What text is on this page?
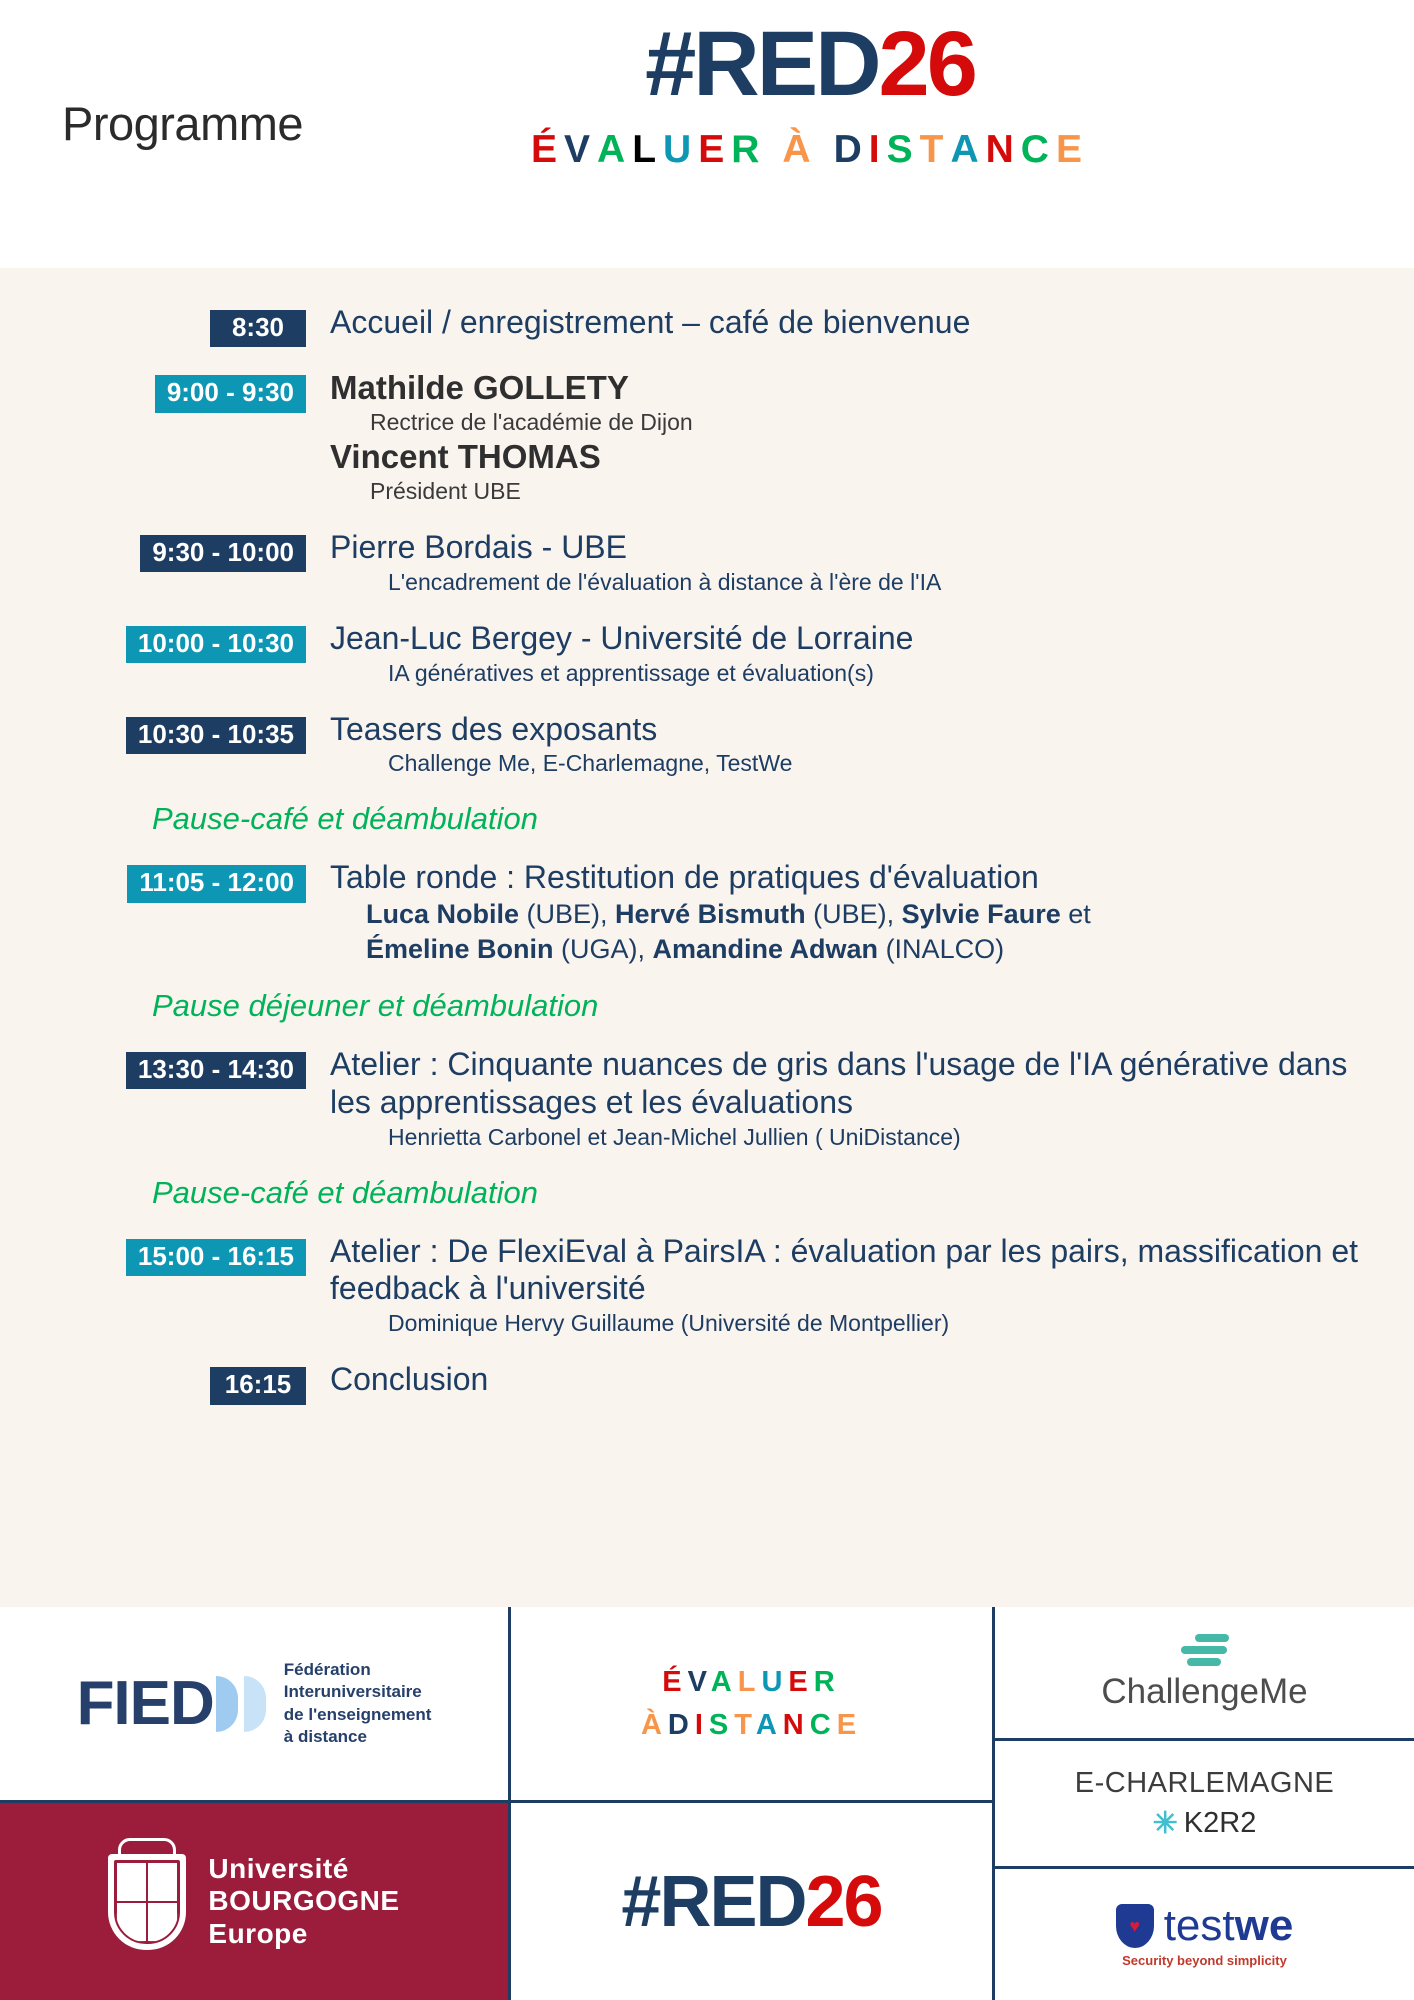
Programme
#RED26
ÉVALUER À DISTANCE
8:30	Accueil / enregistrement – café de bienvenue
9:00 - 9:30	Mathilde GOLLETY
Rectrice de l'académie de Dijon
Vincent THOMAS
Président UBE
9:30 - 10:00	Pierre Bordais - UBE
L'encadrement de l'évaluation à distance à l'ère de l'IA
10:00 - 10:30	Jean-Luc Bergey - Université de Lorraine
IA génératives et apprentissage et évaluation(s)
10:30 - 10:35	Teasers des exposants
Challenge Me, E-Charlemagne, TestWe
Pause-café et déambulation
11:05 - 12:00	Table ronde : Restitution de pratiques d'évaluation
Luca Nobile (UBE), Hervé Bismuth (UBE), Sylvie Faure et
Émeline Bonin (UGA), Amandine Adwan (INALCO)
Pause déjeuner et déambulation
13:30 - 14:30	Atelier : Cinquante nuances de gris dans l'usage de l'IA générative dans les apprentissages et les évaluations
Henrietta Carbonel et Jean-Michel Jullien ( UniDistance)
Pause-café et déambulation
15:00 - 16:15	Atelier : De FlexiEval à PairsIA : évaluation par les pairs, massification et feedback à l'université
Dominique Hervy Guillaume (Université de Montpellier)
16:15	Conclusion
FIED	Fédération
Interuniversitaire
de l'enseignement
à distance
Université
BOURGOGNE
Europe
ÉVALUER
ÀDISTANCE
#RED26
ChallengeMe
E-CHARLEMAGNE
✳ K2R2
♥ testwe
Security beyond simplicity
